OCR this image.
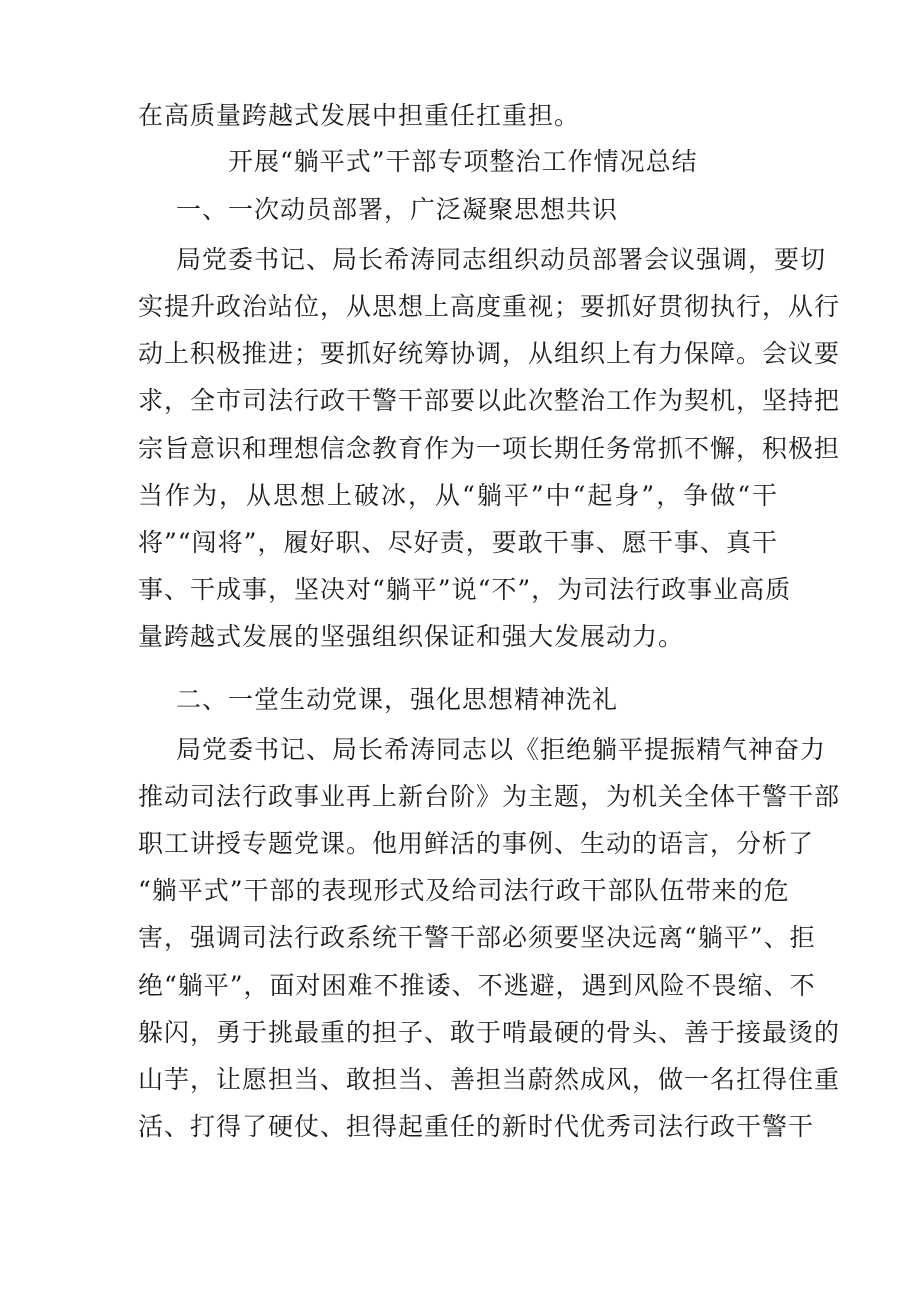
在高质量跨越式发展中担重任扛重担。
开展“躺平式”干部专项整治工作情况总结
一、一次动员部署，广泛凝聚思想共识
局党委书记、局长希涛同志组织动员部署会议强调，要切
实提升政治站位，从思想上高度重视；要抓好贯彻执行，从行
动上积极推进；要抓好统筹协调，从组织上有力保障。会议要
求，全市司法行政干警干部要以此次整治工作为契机，坚持把
宗旨意识和理想信念教育作为一项长期任务常抓不懈，积极担
当作为，从思想上破冰，从“躺平”中“起身”，争做“干
将”“闯将”，履好职、尽好责，要敢干事、愿干事、真干
事、干成事，坚决对“躺平”说“不”，为司法行政事业高质
量跨越式发展的坚强组织保证和强大发展动力。
二、一堂生动党课，强化思想精神洗礼
局党委书记、局长希涛同志以《拒绝躺平提振精气神奋力
推动司法行政事业再上新台阶》为主题，为机关全体干警干部
职工讲授专题党课。他用鲜活的事例、生动的语言，分析了
“躺平式”干部的表现形式及给司法行政干部队伍带来的危
害，强调司法行政系统干警干部必须要坚决远离“躺平”、拒
绝“躺平”，面对困难不推诿、不逃避，遇到风险不畏缩、不
躲闪，勇于挑最重的担子、敢于啃最硬的骨头、善于接最烫的
山芋，让愿担当、敢担当、善担当蔚然成风，做一名扛得住重
活、打得了硬仗、担得起重任的新时代优秀司法行政干警干
